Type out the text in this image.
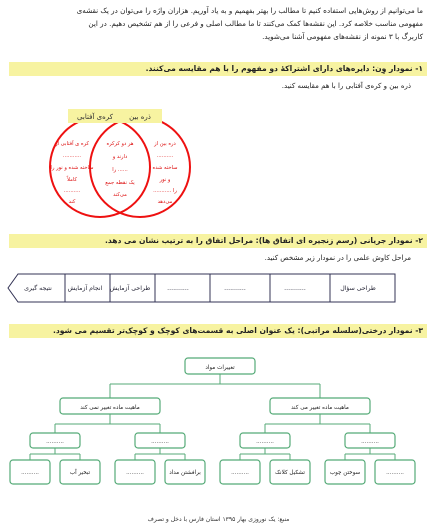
ما می‌توانیم از روش‌هایی استفاده کنیم تا مطالب را بهتر بفهمیم و به یاد آوریم. هزاران واژه را می‌توان در یک نقشه‌ی
مفهومی مناسب خلاصه کرد. این نقشه‌ها کمک می‌کنند تا ما مطالب اصلی و فرعی را از هم تشخیص دهیم. در این
کاربرگ با ۳ نمونه از نقشه‌های مفهومی آشنا می‌شوید.
۱- نمودار وِن: دایره‌های دارای اشتراکهٔ دو مفهوم را با هم مقایسه می‌کنند.
ذره بین و کره‌ی آفتابی را با هم مقایسه کنید.
کره‌ی آفتابی ذره بین
کره ی آفتابی از
...........
ساخته شده و نور را
کاملاً
..........
کند
هر دو کرکره
دارند و
...... را
یک نقطه جمع
می‌کند
ذره بین از
..........
ساخته شده
و نور
را ...........
می‌دهد
۲- نمودار جریانی (رسم زنجیره ای اتفاق ها): مراحل اتفاق را به ترتیب نشان می دهد.
مراحل کاوش علمی را در نمودار زیر مشخص کنید.
طراحی سؤال
...........
...........
...........
طراحی آزمایش
انجام آزمایش
نتیجه گیری
۳- نمودار درختی(سلسله مراتبی): یک عنوان اصلی به قسمت‌های کوچک و کوچک‌تر تقسیم می شود.
تغییرات مواد
ماهیت ماده تغییر نمی کند	ماهیت ماده تغییر می کند
..........	..........	..........	..........
..........	تبخیر آب	..........	برافشتن مداد	..........	تشکیل کلانک	سوختن چوب	..........
منبع: یک نوروزی بهار ۱۳۹۵ استان فارس با دخل و تصرف
